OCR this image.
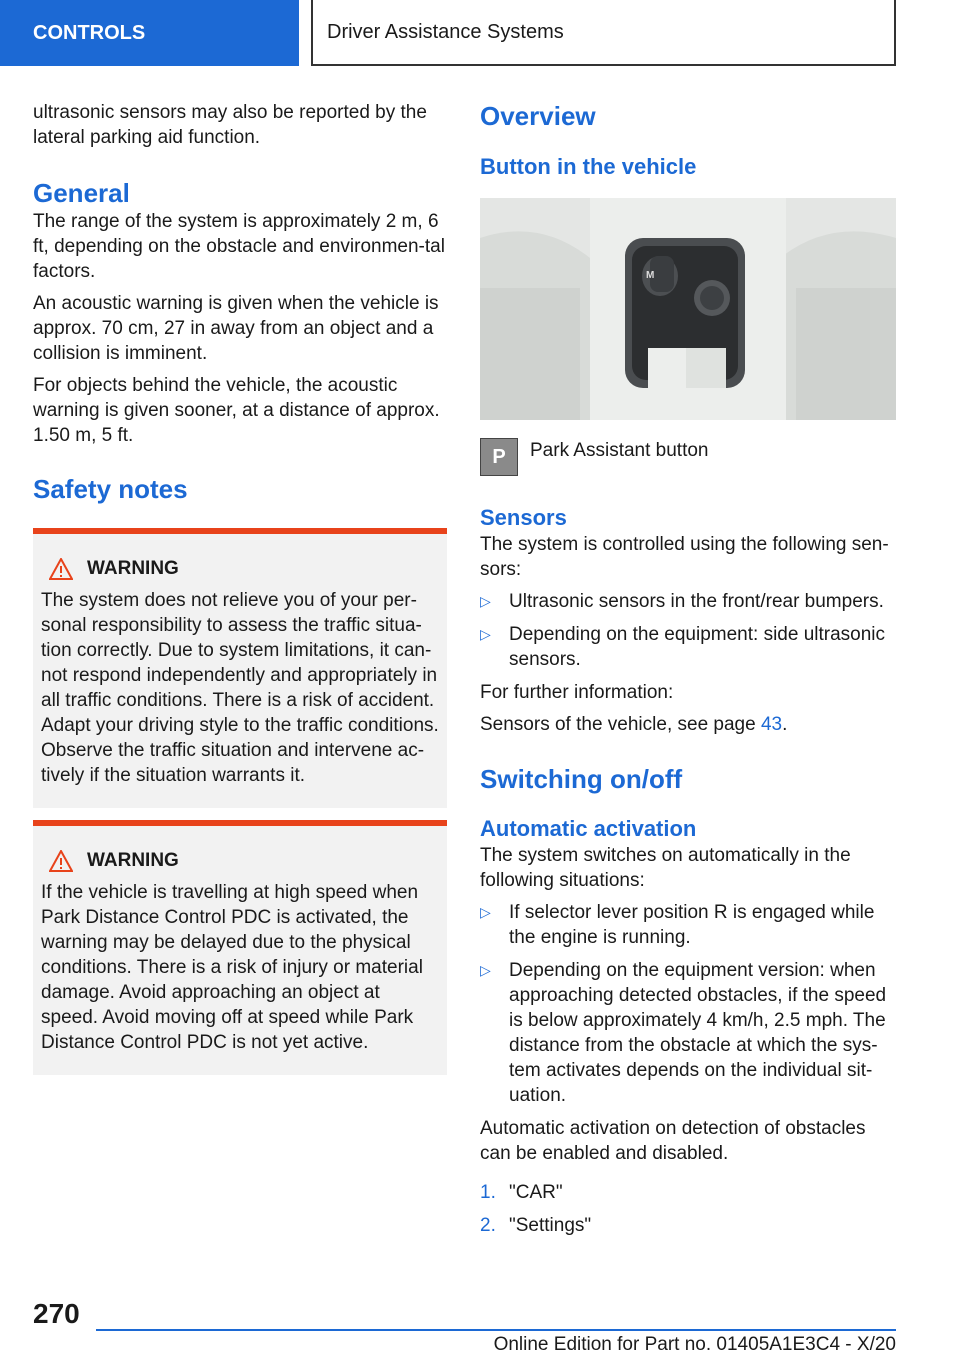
CONTROLS	Driver Assistance Systems

ultrasonic sensors may also be reported by the lateral parking aid function.

General

The range of the system is approximately 2 m, 6 ft, depending on the obstacle and environmen-tal factors.

An acoustic warning is given when the vehicle is approx. 70 cm, 27 in away from an object and a collision is imminent.

For objects behind the vehicle, the acoustic warning is given sooner, at a distance of approx. 1.50 m, 5 ft.

Safety notes
WARNING

The system does not relieve you of your per-sonal responsibility to assess the traffic situa-tion correctly. Due to system limitations, it can-not respond independently and appropriately in all traffic conditions. There is a risk of accident. Adapt your driving style to the traffic conditions. Observe the traffic situation and intervene ac-tively if the situation warrants it.

WARNING

If the vehicle is travelling at high speed when Park Distance Control PDC is activated, the warning may be delayed due to the physical conditions. There is a risk of injury or material damage. Avoid approaching an object at speed. Avoid moving off at speed while Park Distance Control PDC is not yet active.

Overview
Button in the vehicle
M
P	Park Assistant button
Sensors

The system is controlled using the following sen-sors:

▷ Ultrasonic sensors in the front/rear bumpers.
▷ Depending on the equipment: side ultrasonic sensors.

For further information:

Sensors of the vehicle, see page 43.

Switching on/off
Automatic activation

The system switches on automatically in the following situations:

▷ If selector lever position R is engaged while the engine is running.
▷ Depending on the equipment version: when approaching detected obstacles, if the speed is below approximately 4 km/h, 2.5 mph. The distance from the obstacle at which the sys-tem activates depends on the individual sit-uation.

Automatic activation on detection of obstacles can be enabled and disabled.

1. "CAR"
2. "Settings"
270
Online Edition for Part no. 01405A1E3C4 - X/20
